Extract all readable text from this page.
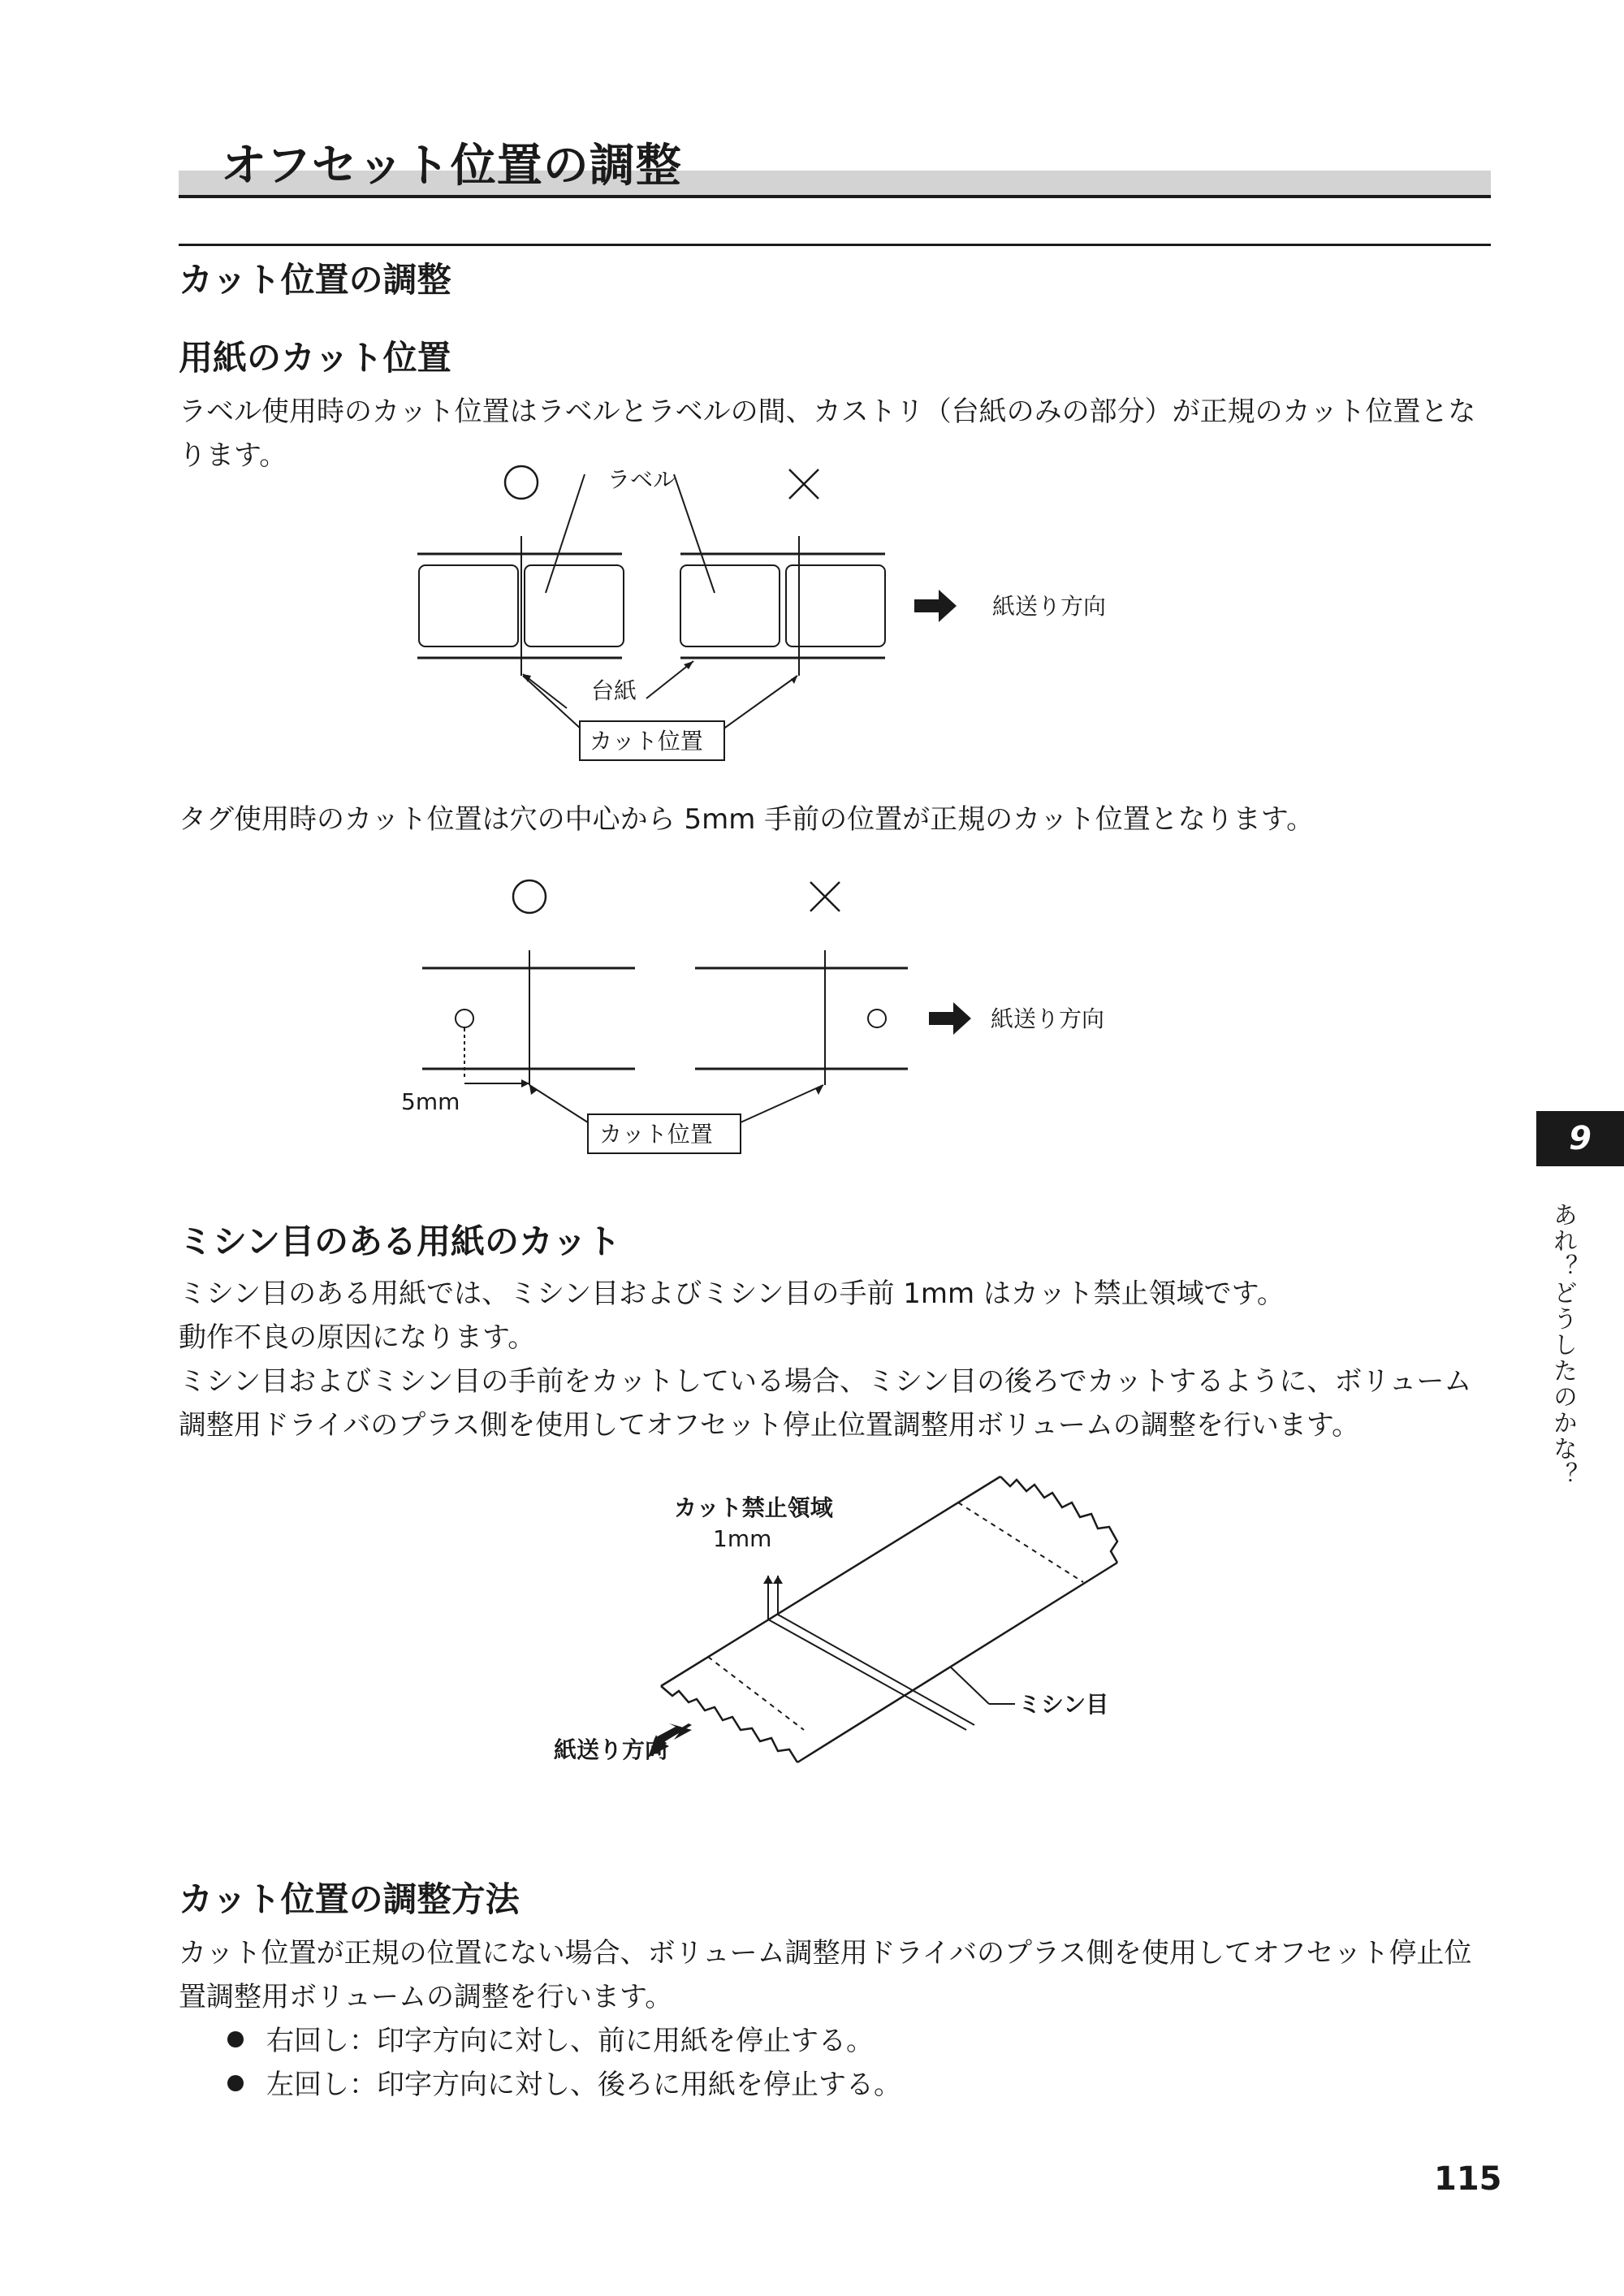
オフセット位置の調整
カット位置の調整
用紙のカット位置

ラベル使用時のカット位置はラベルとラベルの間、カストリ（台紙のみの部分）が正規のカット位置とな

ります。

ラベル
台紙
カット位置
紙送り方向
タグ使用時のカット位置は穴の中心から 5mm 手前の位置が正規のカット位置となります。
5mm
カット位置
紙送り方向
ミシン目のある用紙のカット

ミシン目のある用紙では、ミシン目およびミシン目の手前 1mm はカット禁止領域です。

動作不良の原因になります。

ミシン目およびミシン目の手前をカットしている場合、ミシン目の後ろでカットするように、ボリューム

調整用ドライバのプラス側を使用してオフセット停止位置調整用ボリュームの調整を行います。

カット禁止領域
1mm
ミシン目
紙送り方向
カット位置の調整方法

カット位置が正規の位置にない場合、ボリューム調整用ドライバのプラス側を使用してオフセット停止位

置調整用ボリュームの調整を行います。

右回し：印字方向に対し、前に用紙を停止する。
左回し：印字方向に対し、後ろに用紙を停止する。
9
あれ？どうしたのかな？
115
